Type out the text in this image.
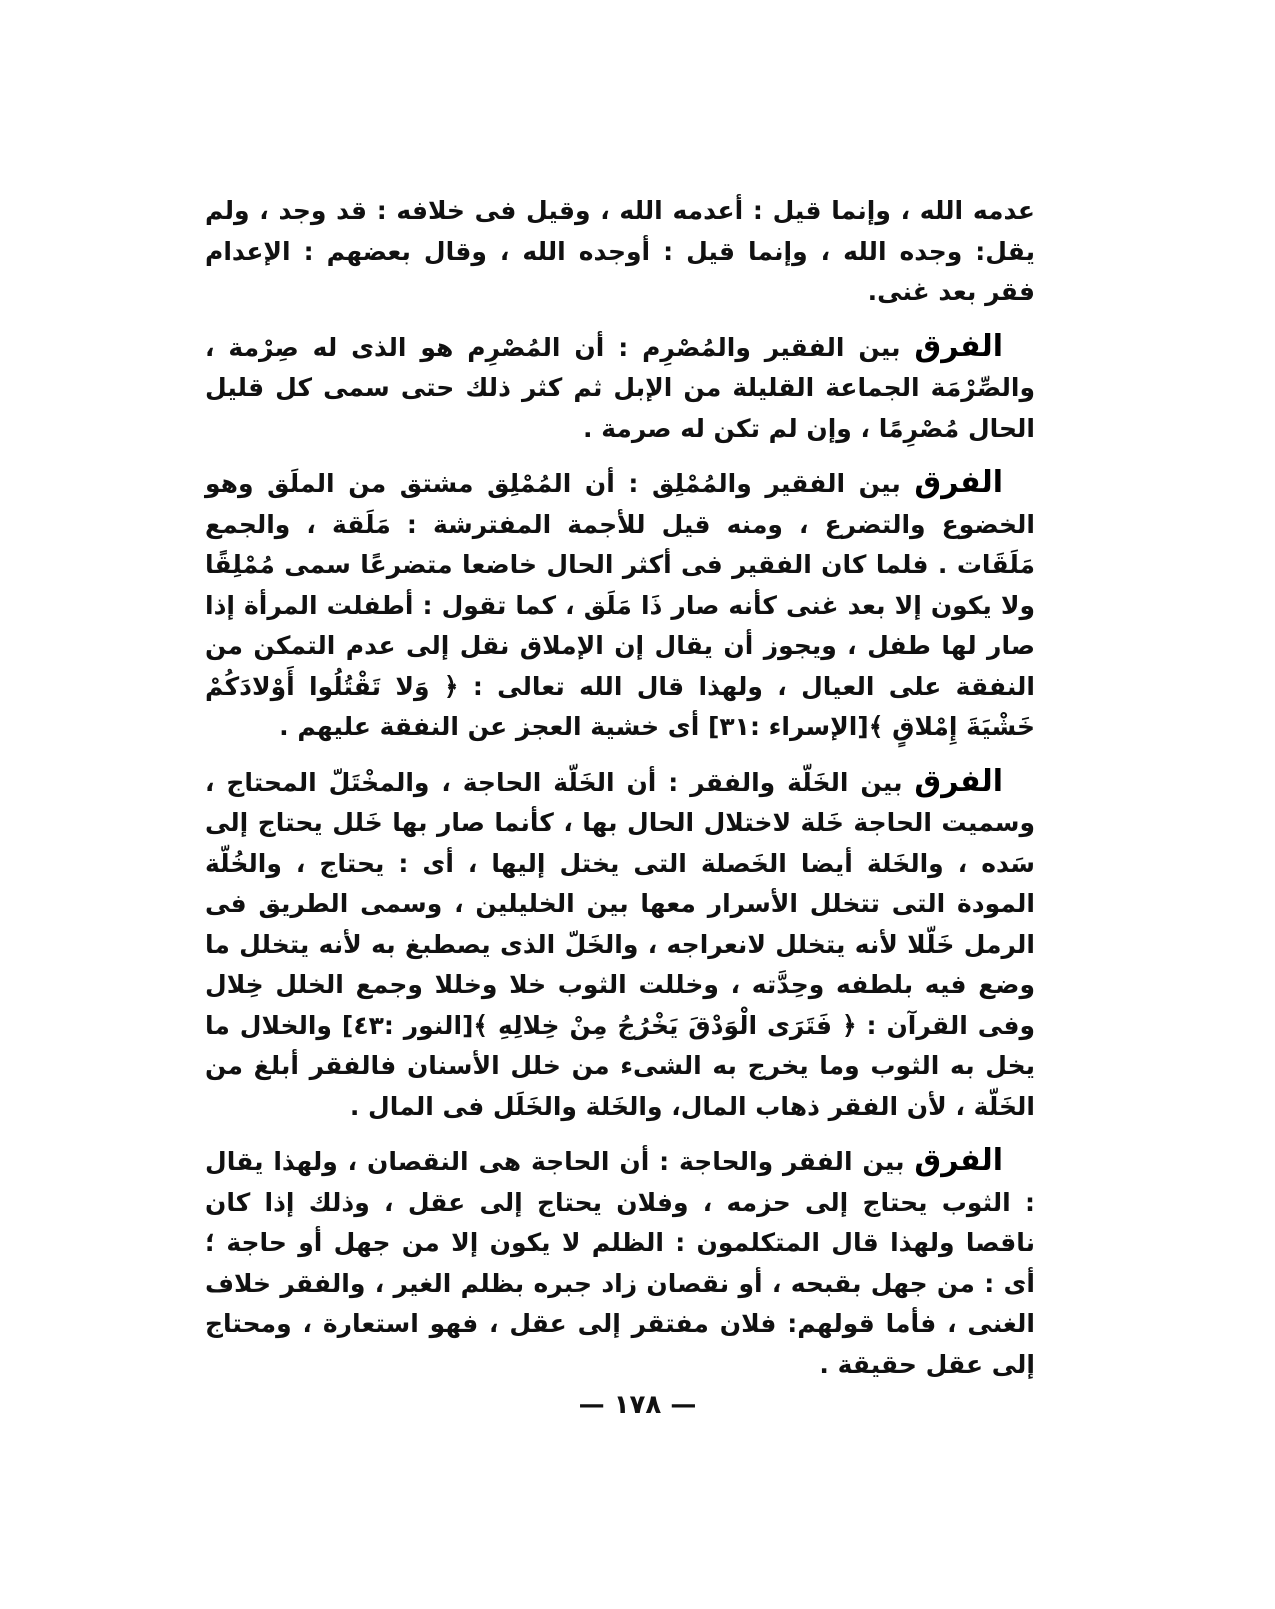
عدمه الله ، وإنما قيل : أعدمه الله ، وقيل فى خلافه : قد وجد ، ولم يقل: وجده الله ، وإنما قيل : أوجده الله ، وقال بعضهم : الإعدام فقر بعد غنى.

الفرق بين الفقير والمُصْرِم : أن المُصْرِم هو الذى له صِرْمة ، والصِّرْمَة الجماعة القليلة من الإبل ثم كثر ذلك حتى سمى كل قليل الحال مُصْرِمًا ، وإن لم تكن له صرمة .

الفرق بين الفقير والمُمْلِق : أن المُمْلِق مشتق من الملَق وهو الخضوع والتضرع ، ومنه قيل للأجمة المفترشة : مَلَقة ، والجمع مَلَقَات . فلما كان الفقير فى أكثر الحال خاضعا متضرعًا سمى مُمْلِقًا ولا يكون إلا بعد غنى كأنه صار ذَا مَلَق ، كما تقول : أطفلت المرأة إذا صار لها طفل ، ويجوز أن يقال إن الإملاق نقل إلى عدم التمكن من النفقة على العيال ، ولهذا قال الله تعالى : ﴿ وَلا تَقْتُلُوا أَوْلادَكُمْ خَشْيَةَ إِمْلاقٍ ﴾[الإسراء :٣١] أى خشية العجز عن النفقة عليهم .

الفرق بين الخَلّة والفقر : أن الخَلّة الحاجة ، والمخْتَلّ المحتاج ، وسميت الحاجة خَلة لاختلال الحال بها ، كأنما صار بها خَلل يحتاج إلى سَده ، والخَلة أيضا الخَصلة التى يختل إليها ، أى : يحتاج ، والخُلّة المودة التى تتخلل الأسرار معها بين الخليلين ، وسمى الطريق فى الرمل خَلّلا لأنه يتخلل لانعراجه ، والخَلّ الذى يصطبغ به لأنه يتخلل ما وضع فيه بلطفه وحِدَّته ، وخللت الثوب خلا وخللا وجمع الخلل خِلال وفى القرآن : ﴿ فَتَرَى الْوَدْقَ يَخْرُجُ مِنْ خِلالِهِ ﴾[النور :٤٣] والخلال ما يخل به الثوب وما يخرج به الشىء من خلل الأسنان فالفقر أبلغ من الخَلّة ، لأن الفقر ذهاب المال، والخَلة والخَلَل فى المال .

الفرق بين الفقر والحاجة : أن الحاجة هى النقصان ، ولهذا يقال : الثوب يحتاج إلى حزمه ، وفلان يحتاج إلى عقل ، وذلك إذا كان ناقصا ولهذا قال المتكلمون : الظلم لا يكون إلا من جهل أو حاجة ؛ أى : من جهل بقبحه ، أو نقصان زاد جبره بظلم الغير ، والفقر خلاف الغنى ، فأما قولهم: فلان مفتقر إلى عقل ، فهو استعارة ، ومحتاج إلى عقل حقيقة .

— ١٧٨ —
